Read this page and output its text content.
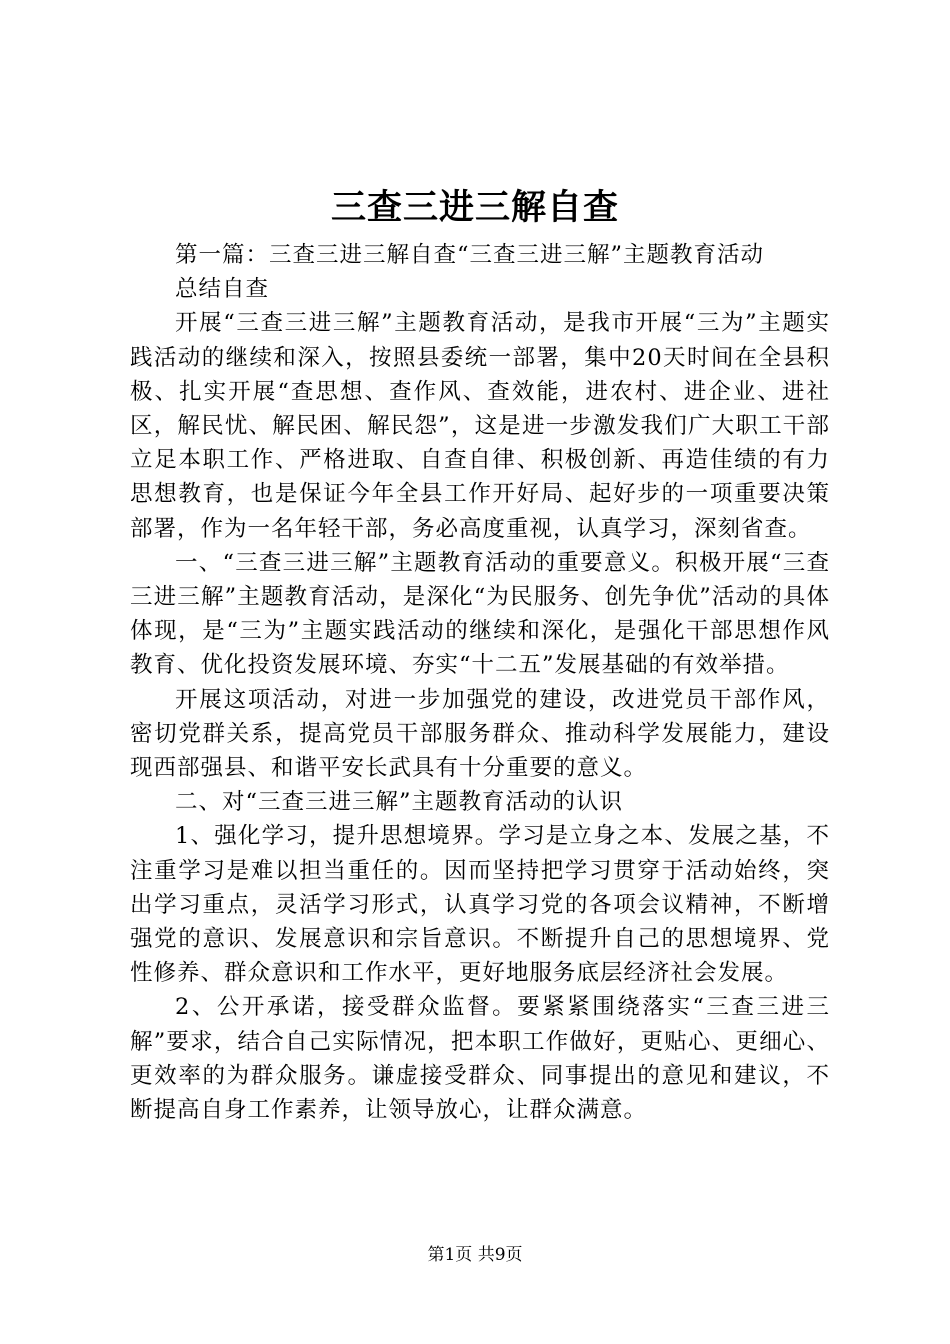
三查三进三解自查

第一篇：三查三进三解自查“三查三进三解”主题教育活动

总结自查

开展“三查三进三解”主题教育活动，是我市开展“三为”主题实践活动的继续和深入，按照县委统一部署，集中20天时间在全县积极、扎实开展“查思想、查作风、查效能，进农村、进企业、进社区，解民忧、解民困、解民怨”，这是进一步激发我们广大职工干部立足本职工作、严格进取、自查自律、积极创新、再造佳绩的有力思想教育，也是保证今年全县工作开好局、起好步的一项重要决策部署，作为一名年轻干部，务必高度重视，认真学习，深刻省查。

一、“三查三进三解”主题教育活动的重要意义。积极开展“三查三进三解”主题教育活动，是深化“为民服务、创先争优”活动的具体体现，是“三为”主题实践活动的继续和深化，是强化干部思想作风教育、优化投资发展环境、夯实“十二五”发展基础的有效举措。

开展这项活动，对进一步加强党的建设，改进党员干部作风，密切党群关系，提高党员干部服务群众、推动科学发展能力，建设现西部强县、和谐平安长武具有十分重要的意义。

二、对“三查三进三解”主题教育活动的认识

1、强化学习，提升思想境界。学习是立身之本、发展之基，不注重学习是难以担当重任的。因而坚持把学习贯穿于活动始终，突出学习重点，灵活学习形式，认真学习党的各项会议精神，不断增强党的意识、发展意识和宗旨意识。不断提升自己的思想境界、党性修养、群众意识和工作水平，更好地服务底层经济社会发展。

2、公开承诺，接受群众监督。要紧紧围绕落实“三查三进三解”要求，结合自己实际情况，把本职工作做好，更贴心、更细心、更效率的为群众服务。谦虚接受群众、同事提出的意见和建议，不断提高自身工作素养，让领导放心，让群众满意。

第1页 共9页
